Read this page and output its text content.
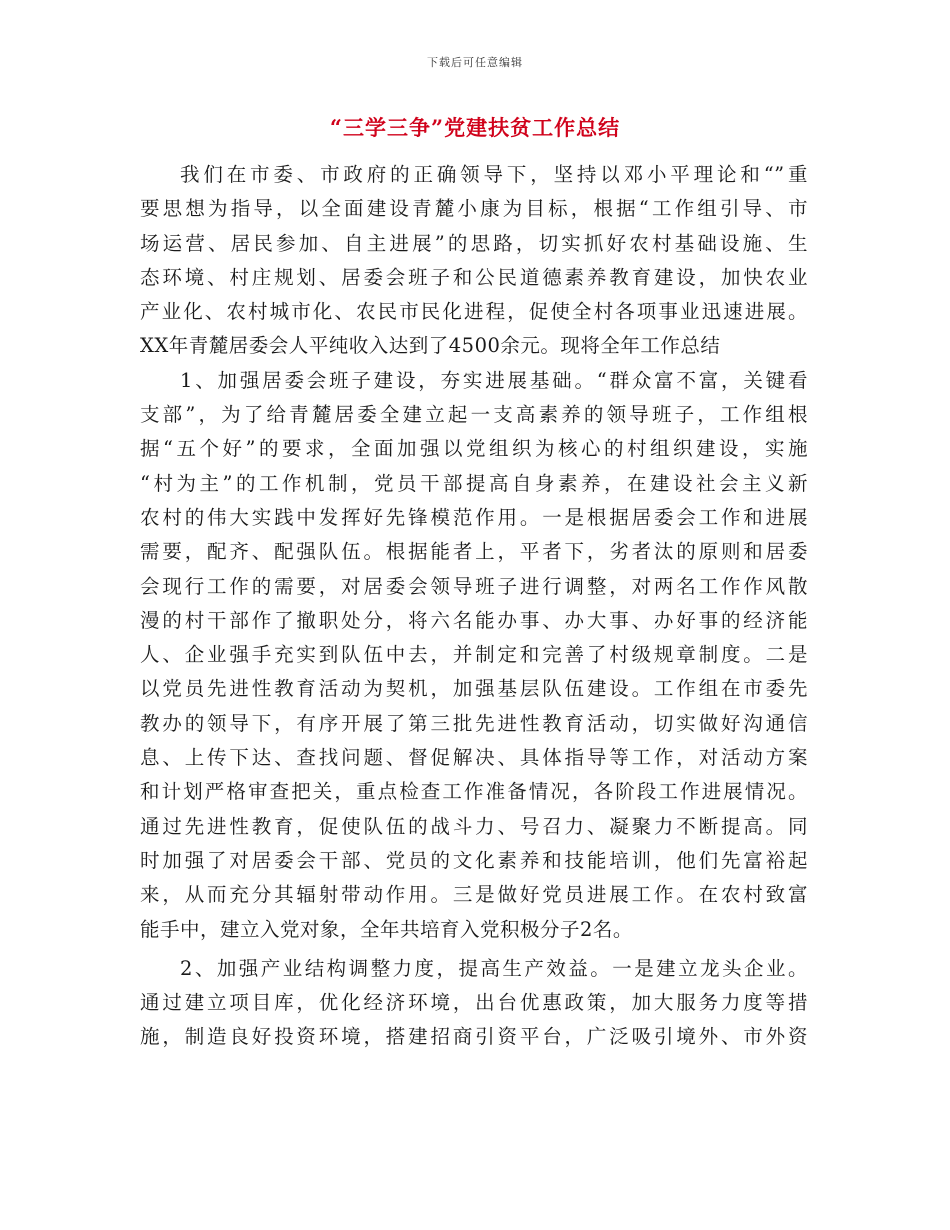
下载后可任意编辑
“三学三争”党建扶贫工作总结
我们在市委、市政府的正确领导下，坚持以邓小平理论和“”重
要思想为指导，以全面建设青麓小康为目标，根据“工作组引导、市
场运营、居民参加、自主进展”的思路，切实抓好农村基础设施、生
态环境、村庄规划、居委会班子和公民道德素养教育建设，加快农业
产业化、农村城市化、农民市民化进程，促使全村各项事业迅速进展。
XX年青麓居委会人平纯收入达到了4500余元。现将全年工作总结
1、加强居委会班子建设，夯实进展基础。“群众富不富，关键看
支部”，为了给青麓居委全建立起一支高素养的领导班子，工作组根
据“五个好”的要求，全面加强以党组织为核心的村组织建设，实施
“村为主”的工作机制，党员干部提高自身素养，在建设社会主义新
农村的伟大实践中发挥好先锋模范作用。一是根据居委会工作和进展
需要，配齐、配强队伍。根据能者上，平者下，劣者汰的原则和居委
会现行工作的需要，对居委会领导班子进行调整，对两名工作作风散
漫的村干部作了撤职处分，将六名能办事、办大事、办好事的经济能
人、企业强手充实到队伍中去，并制定和完善了村级规章制度。二是
以党员先进性教育活动为契机，加强基层队伍建设。工作组在市委先
教办的领导下，有序开展了第三批先进性教育活动，切实做好沟通信
息、上传下达、查找问题、督促解决、具体指导等工作，对活动方案
和计划严格审查把关，重点检查工作准备情况，各阶段工作进展情况。
通过先进性教育，促使队伍的战斗力、号召力、凝聚力不断提高。同
时加强了对居委会干部、党员的文化素养和技能培训，他们先富裕起
来，从而充分其辐射带动作用。三是做好党员进展工作。在农村致富
能手中，建立入党对象，全年共培育入党积极分子2名。
2、加强产业结构调整力度，提高生产效益。一是建立龙头企业。
通过建立项目库，优化经济环境，出台优惠政策，加大服务力度等措
施，制造良好投资环境，搭建招商引资平台，广泛吸引境外、市外资
